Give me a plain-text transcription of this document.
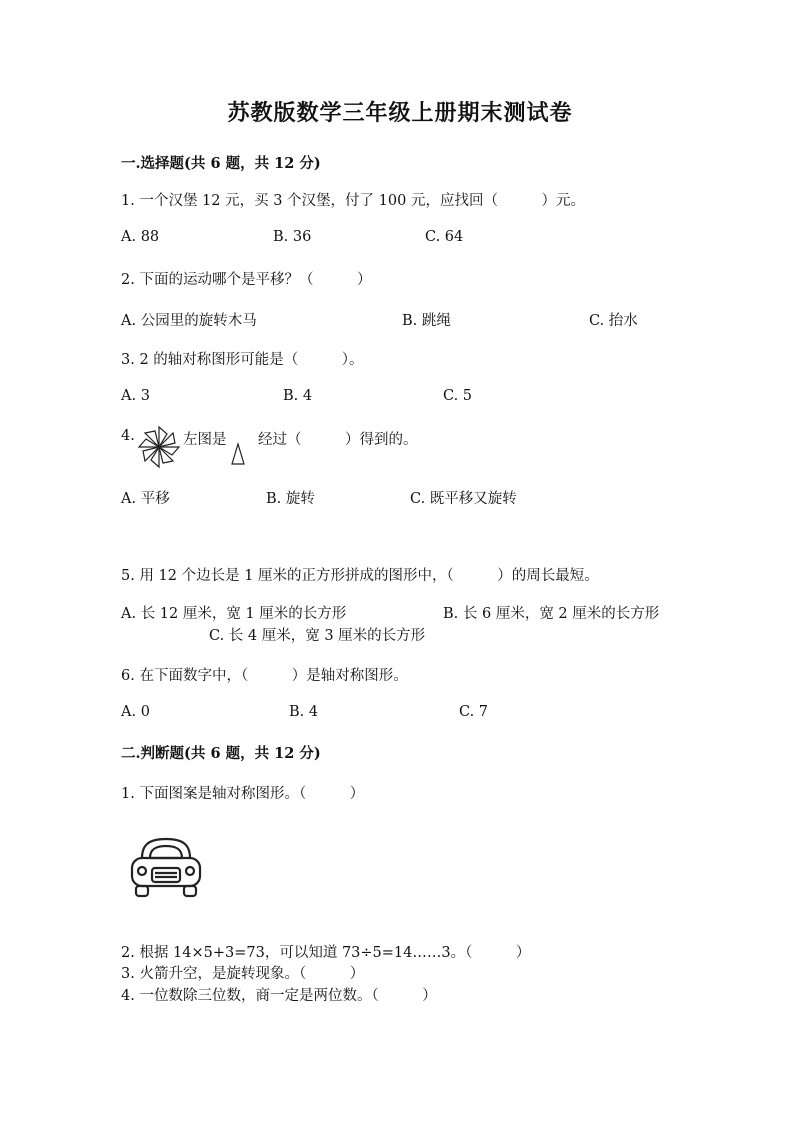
苏教版数学三年级上册期末测试卷
一.选择题(共 6 题，共 12 分)
1. 一个汉堡 12 元，买 3 个汉堡，付了 100 元，应找回（　　　）元。
A. 88	B. 36	C. 64
2. 下面的运动哪个是平移？（　　　）
A. 公园里的旋转木马	B. 跳绳	C. 抬水
3. 2 的轴对称图形可能是（　　　）。
A. 3	B. 4	C. 5
4.	左图是 经过（　　　）得到的。
A. 平移	B. 旋转	C. 既平移又旋转
5. 用 12 个边长是 1 厘米的正方形拼成的图形中，（　　　）的周长最短。
A. 长 12 厘米，宽 1 厘米的长方形	B. 长 6 厘米，宽 2 厘米的长方形
C. 长 4 厘米，宽 3 厘米的长方形
6. 在下面数字中，（　　　）是轴对称图形。
A. 0	B. 4	C. 7
二.判断题(共 6 题，共 12 分)
1. 下面图案是轴对称图形。（　　　）
2. 根据 14×5+3=73，可以知道 73÷5=14……3。（　　　）
3. 火箭升空，是旋转现象。（　　　）
4. 一位数除三位数，商一定是两位数。（　　　）
